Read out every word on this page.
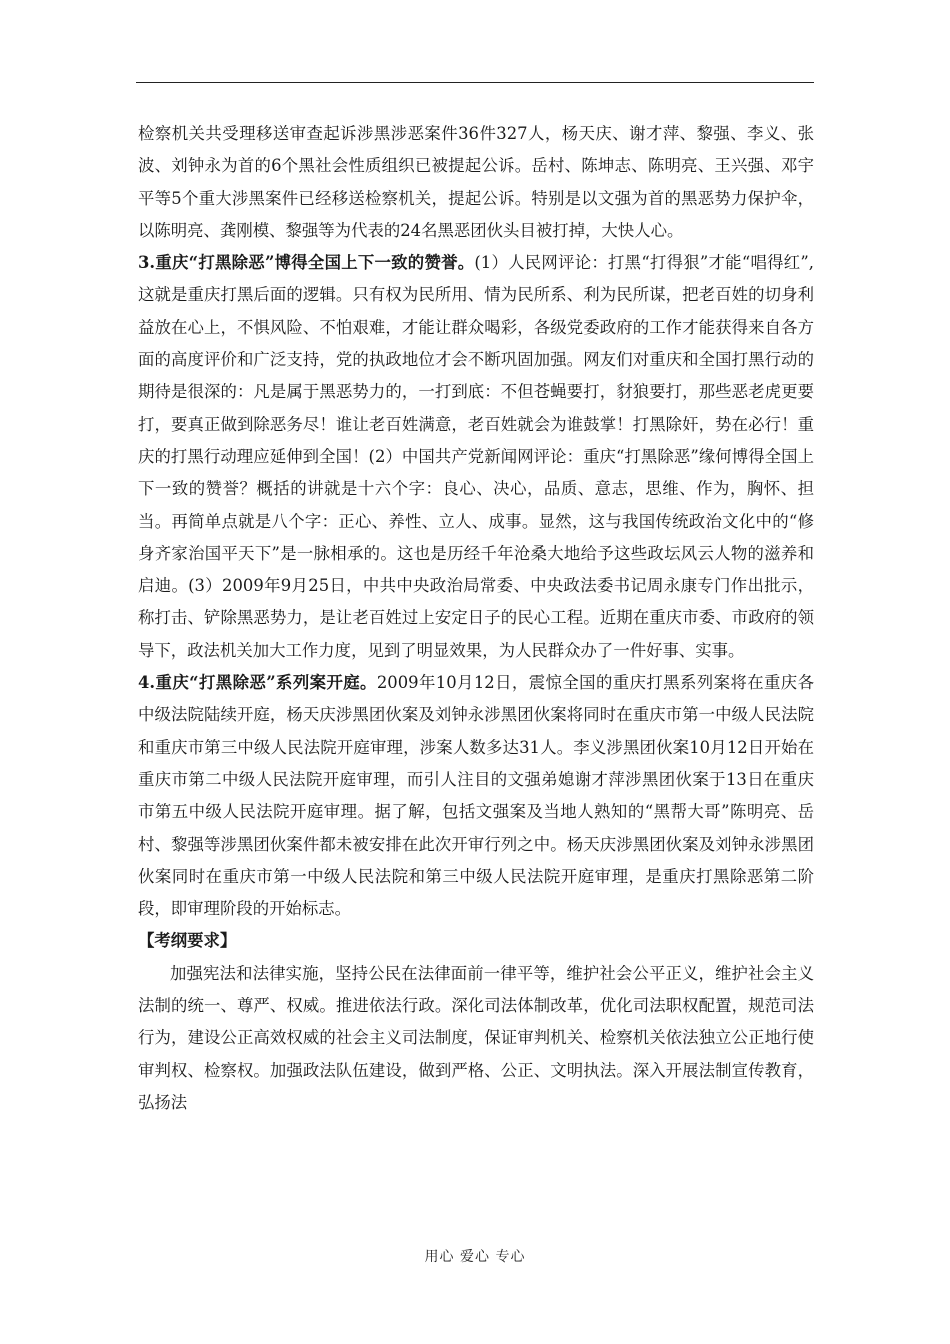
检察机关共受理移送审查起诉涉黑涉恶案件36件327人，杨天庆、谢才萍、黎强、李义、张波、刘钟永为首的6个黑社会性质组织已被提起公诉。岳村、陈坤志、陈明亮、王兴强、邓宇平等5个重大涉黑案件已经移送检察机关，提起公诉。特别是以文强为首的黑恶势力保护伞，以陈明亮、龚刚模、黎强等为代表的24名黑恶团伙头目被打掉，大快人心。

3.重庆“打黑除恶”博得全国上下一致的赞誉。(1）人民网评论：打黑“打得狠”才能“唱得红”,这就是重庆打黑后面的逻辑。只有权为民所用、情为民所系、利为民所谋，把老百姓的切身利益放在心上，不惧风险、不怕艰难，才能让群众喝彩，各级党委政府的工作才能获得来自各方面的高度评价和广泛支持，党的执政地位才会不断巩固加强。网友们对重庆和全国打黑行动的期待是很深的：凡是属于黑恶势力的，一打到底：不但苍蝇要打，豺狼要打，那些恶老虎更要打，要真正做到除恶务尽！谁让老百姓满意，老百姓就会为谁鼓掌！打黑除奸，势在必行！重庆的打黑行动理应延伸到全国！(2）中国共产党新闻网评论：重庆“打黑除恶”缘何博得全国上下一致的赞誉？概括的讲就是十六个字：良心、决心，品质、意志，思维、作为，胸怀、担当。再简单点就是八个字：正心、养性、立人、成事。显然，这与我国传统政治文化中的“修身齐家治国平天下”是一脉相承的。这也是历经千年沧桑大地给予这些政坛风云人物的滋养和启迪。(3）2009年9月25日，中共中央政治局常委、中央政法委书记周永康专门作出批示，称打击、铲除黑恶势力，是让老百姓过上安定日子的民心工程。近期在重庆市委、市政府的领导下，政法机关加大工作力度，见到了明显效果，为人民群众办了一件好事、实事。

4.重庆“打黑除恶”系列案开庭。2009年10月12日，震惊全国的重庆打黑系列案将在重庆各中级法院陆续开庭，杨天庆涉黑团伙案及刘钟永涉黑团伙案将同时在重庆市第一中级人民法院和重庆市第三中级人民法院开庭审理，涉案人数多达31人。李义涉黑团伙案10月12日开始在重庆市第二中级人民法院开庭审理，而引人注目的文强弟媳谢才萍涉黑团伙案于13日在重庆市第五中级人民法院开庭审理。据了解，包括文强案及当地人熟知的“黑帮大哥”陈明亮、岳村、黎强等涉黑团伙案件都未被安排在此次开审行列之中。杨天庆涉黑团伙案及刘钟永涉黑团伙案同时在重庆市第一中级人民法院和第三中级人民法院开庭审理，是重庆打黑除恶第二阶段，即审理阶段的开始标志。

【考纲要求】

加强宪法和法律实施，坚持公民在法律面前一律平等，维护社会公平正义，维护社会主义法制的统一、尊严、权威。推进依法行政。深化司法体制改革，优化司法职权配置，规范司法行为，建设公正高效权威的社会主义司法制度，保证审判机关、检察机关依法独立公正地行使审判权、检察权。加强政法队伍建设，做到严格、公正、文明执法。深入开展法制宣传教育，弘扬法

用心 爱心 专心
